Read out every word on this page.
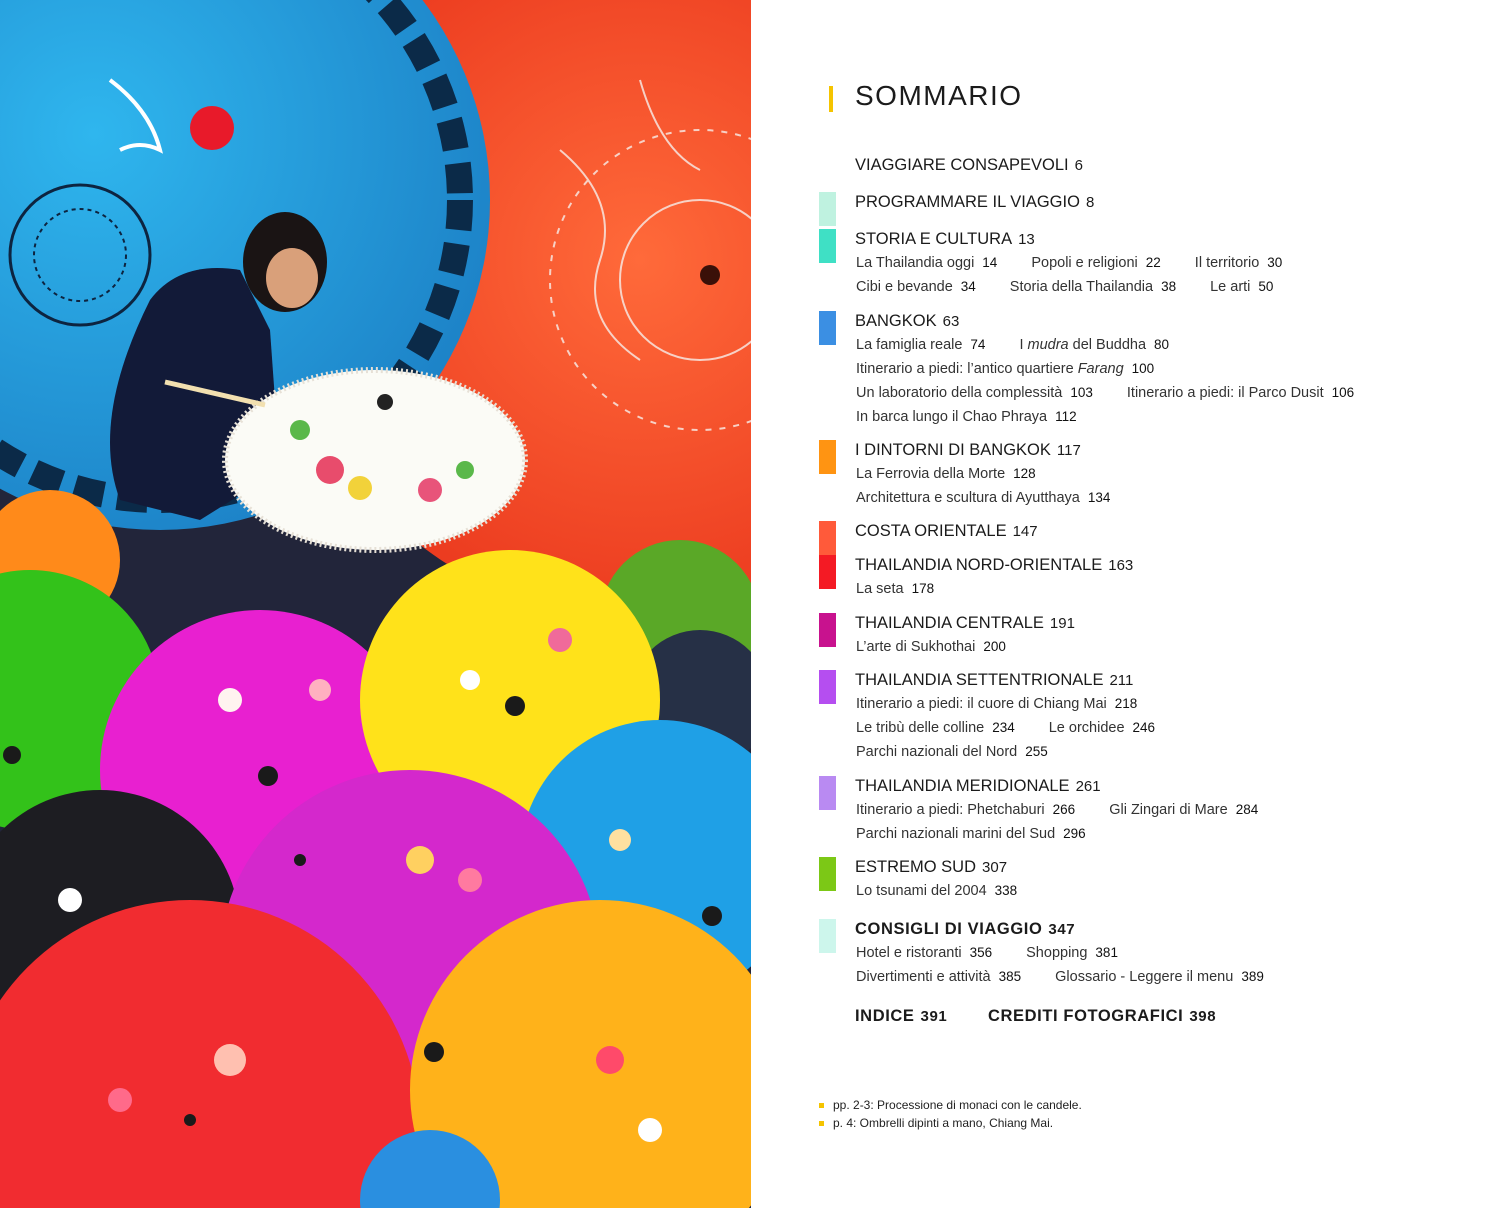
SOMMARIO
VIAGGIARE CONSAPEVOLI 6
PROGRAMMARE IL VIAGGIO 8
STORIA E CULTURA 13
La Thailandia oggi 14 Popoli e religioni 22 Il territorio 30
Cibi e bevande 34 Storia della Thailandia 38 Le arti 50
BANGKOK 63
La famiglia reale 74 I mudra del Buddha 80
Itinerario a piedi: l’antico quartiere Farang 100
Un laboratorio della complessità 103 Itinerario a piedi: il Parco Dusit 106
In barca lungo il Chao Phraya 112
I DINTORNI DI BANGKOK 117
La Ferrovia della Morte 128
Architettura e scultura di Ayutthaya 134
COSTA ORIENTALE 147
THAILANDIA NORD-ORIENTALE 163
La seta 178
THAILANDIA CENTRALE 191
L’arte di Sukhothai 200
THAILANDIA SETTENTRIONALE 211
Itinerario a piedi: il cuore di Chiang Mai 218
Le tribù delle colline 234 Le orchidee 246
Parchi nazionali del Nord 255
THAILANDIA MERIDIONALE 261
Itinerario a piedi: Phetchaburi 266 Gli Zingari di Mare 284
Parchi nazionali marini del Sud 296
ESTREMO SUD 307
Lo tsunami del 2004 338
CONSIGLI DI VIAGGIO 347
Hotel e ristoranti 356 Shopping 381
Divertimenti e attività 385 Glossario - Leggere il menu 389
INDICE 391 CREDITI FOTOGRAFICI 398
pp. 2-3: Processione di monaci con le candele.
p. 4: Ombrelli dipinti a mano, Chiang Mai.
